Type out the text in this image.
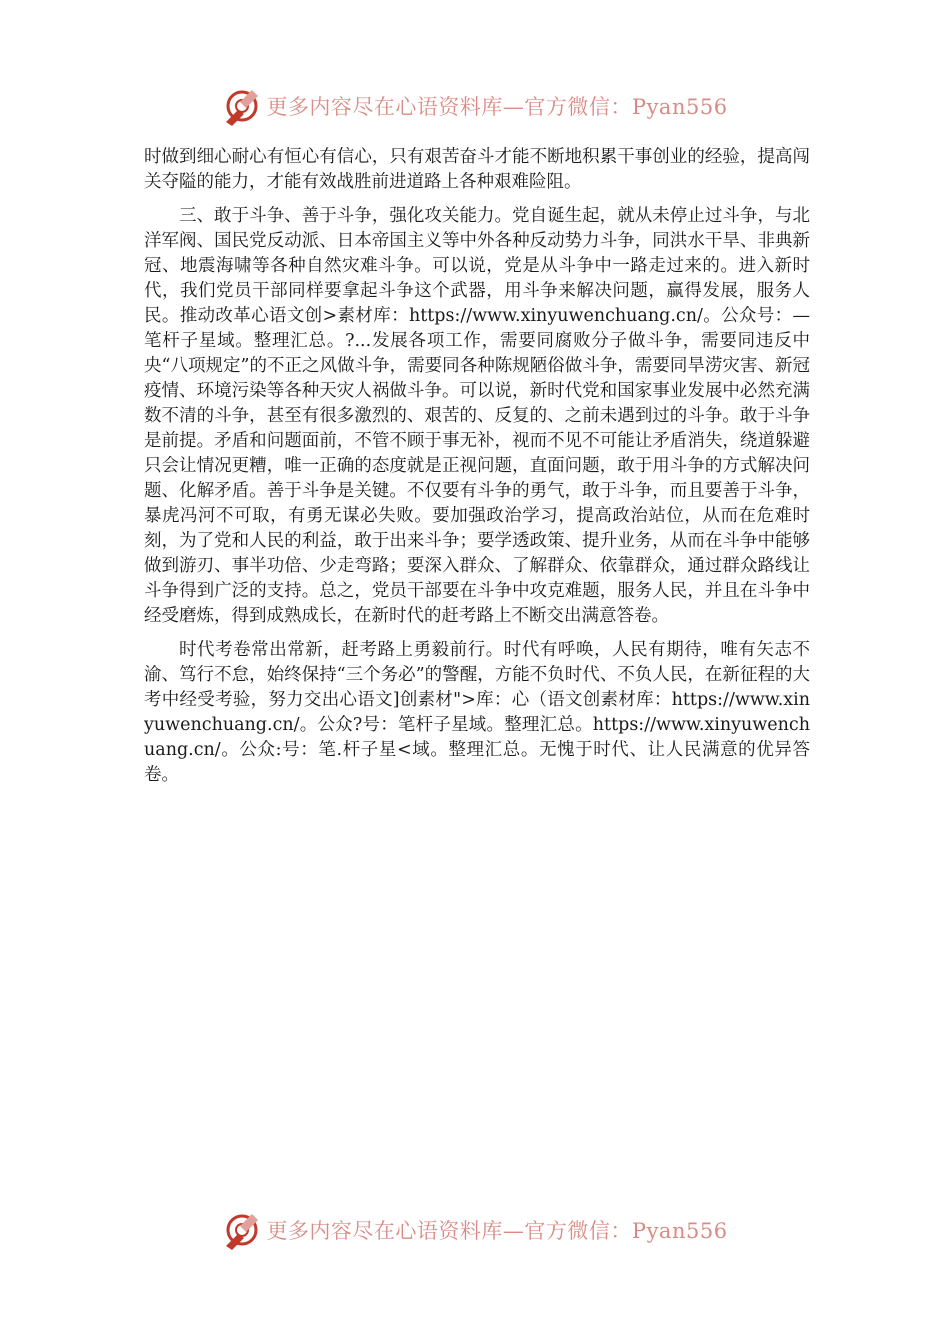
更多内容尽在心语资料库—官方微信：Pyan556

时做到细心耐心有恒心有信心，只有艰苦奋斗才能不断地积累干事创业的经验，提高闯关夺隘的能力，才能有效战胜前进道路上各种艰难险阻。

三、敢于斗争、善于斗争，强化攻关能力。党自诞生起，就从未停止过斗争，与北洋军阀、国民党反动派、日本帝国主义等中外各种反动势力斗争，同洪水干旱、非典新冠、地震海啸等各种自然灾难斗争。可以说，党是从斗争中一路走过来的。进入新时代，我们党员干部同样要拿起斗争这个武器，用斗争来解决问题，赢得发展，服务人民。推动改革心语文创>素材库：https://www.xinyuwenchuang.cn/。公众号：—笔杆子星域。整理汇总。?...发展各项工作，需要同腐败分子做斗争，需要同违反中央“八项规定”的不正之风做斗争，需要同各种陈规陋俗做斗争，需要同旱涝灾害、新冠疫情、环境污染等各种天灾人祸做斗争。可以说，新时代党和国家事业发展中必然充满数不清的斗争，甚至有很多激烈的、艰苦的、反复的、之前未遇到过的斗争。敢于斗争是前提。矛盾和问题面前，不管不顾于事无补，视而不见不可能让矛盾消失，绕道躲避只会让情况更糟，唯一正确的态度就是正视问题，直面问题，敢于用斗争的方式解决问题、化解矛盾。善于斗争是关键。不仅要有斗争的勇气，敢于斗争，而且要善于斗争，暴虎冯河不可取，有勇无谋必失败。要加强政治学习，提高政治站位，从而在危难时刻，为了党和人民的利益，敢于出来斗争；要学透政策、提升业务，从而在斗争中能够做到游刃、事半功倍、少走弯路；要深入群众、了解群众、依靠群众，通过群众路线让斗争得到广泛的支持。总之，党员干部要在斗争中攻克难题，服务人民，并且在斗争中经受磨炼，得到成熟成长，在新时代的赶考路上不断交出满意答卷。

时代考卷常出常新，赶考路上勇毅前行。时代有呼唤，人民有期待，唯有矢志不渝、笃行不怠，始终保持“三个务必”的警醒，方能不负时代、不负人民，在新征程的大考中经受考验，努力交出心语文]创素材">库：心（语文创素材库：https://www.xinyuwenchuang.cn/。公众?号：笔杆子星域。整理汇总。https://www.xinyuwenchuang.cn/。公众:号：笔.杆子星<域。整理汇总。无愧于时代、让人民满意的优异答卷。

更多内容尽在心语资料库—官方微信：Pyan556
